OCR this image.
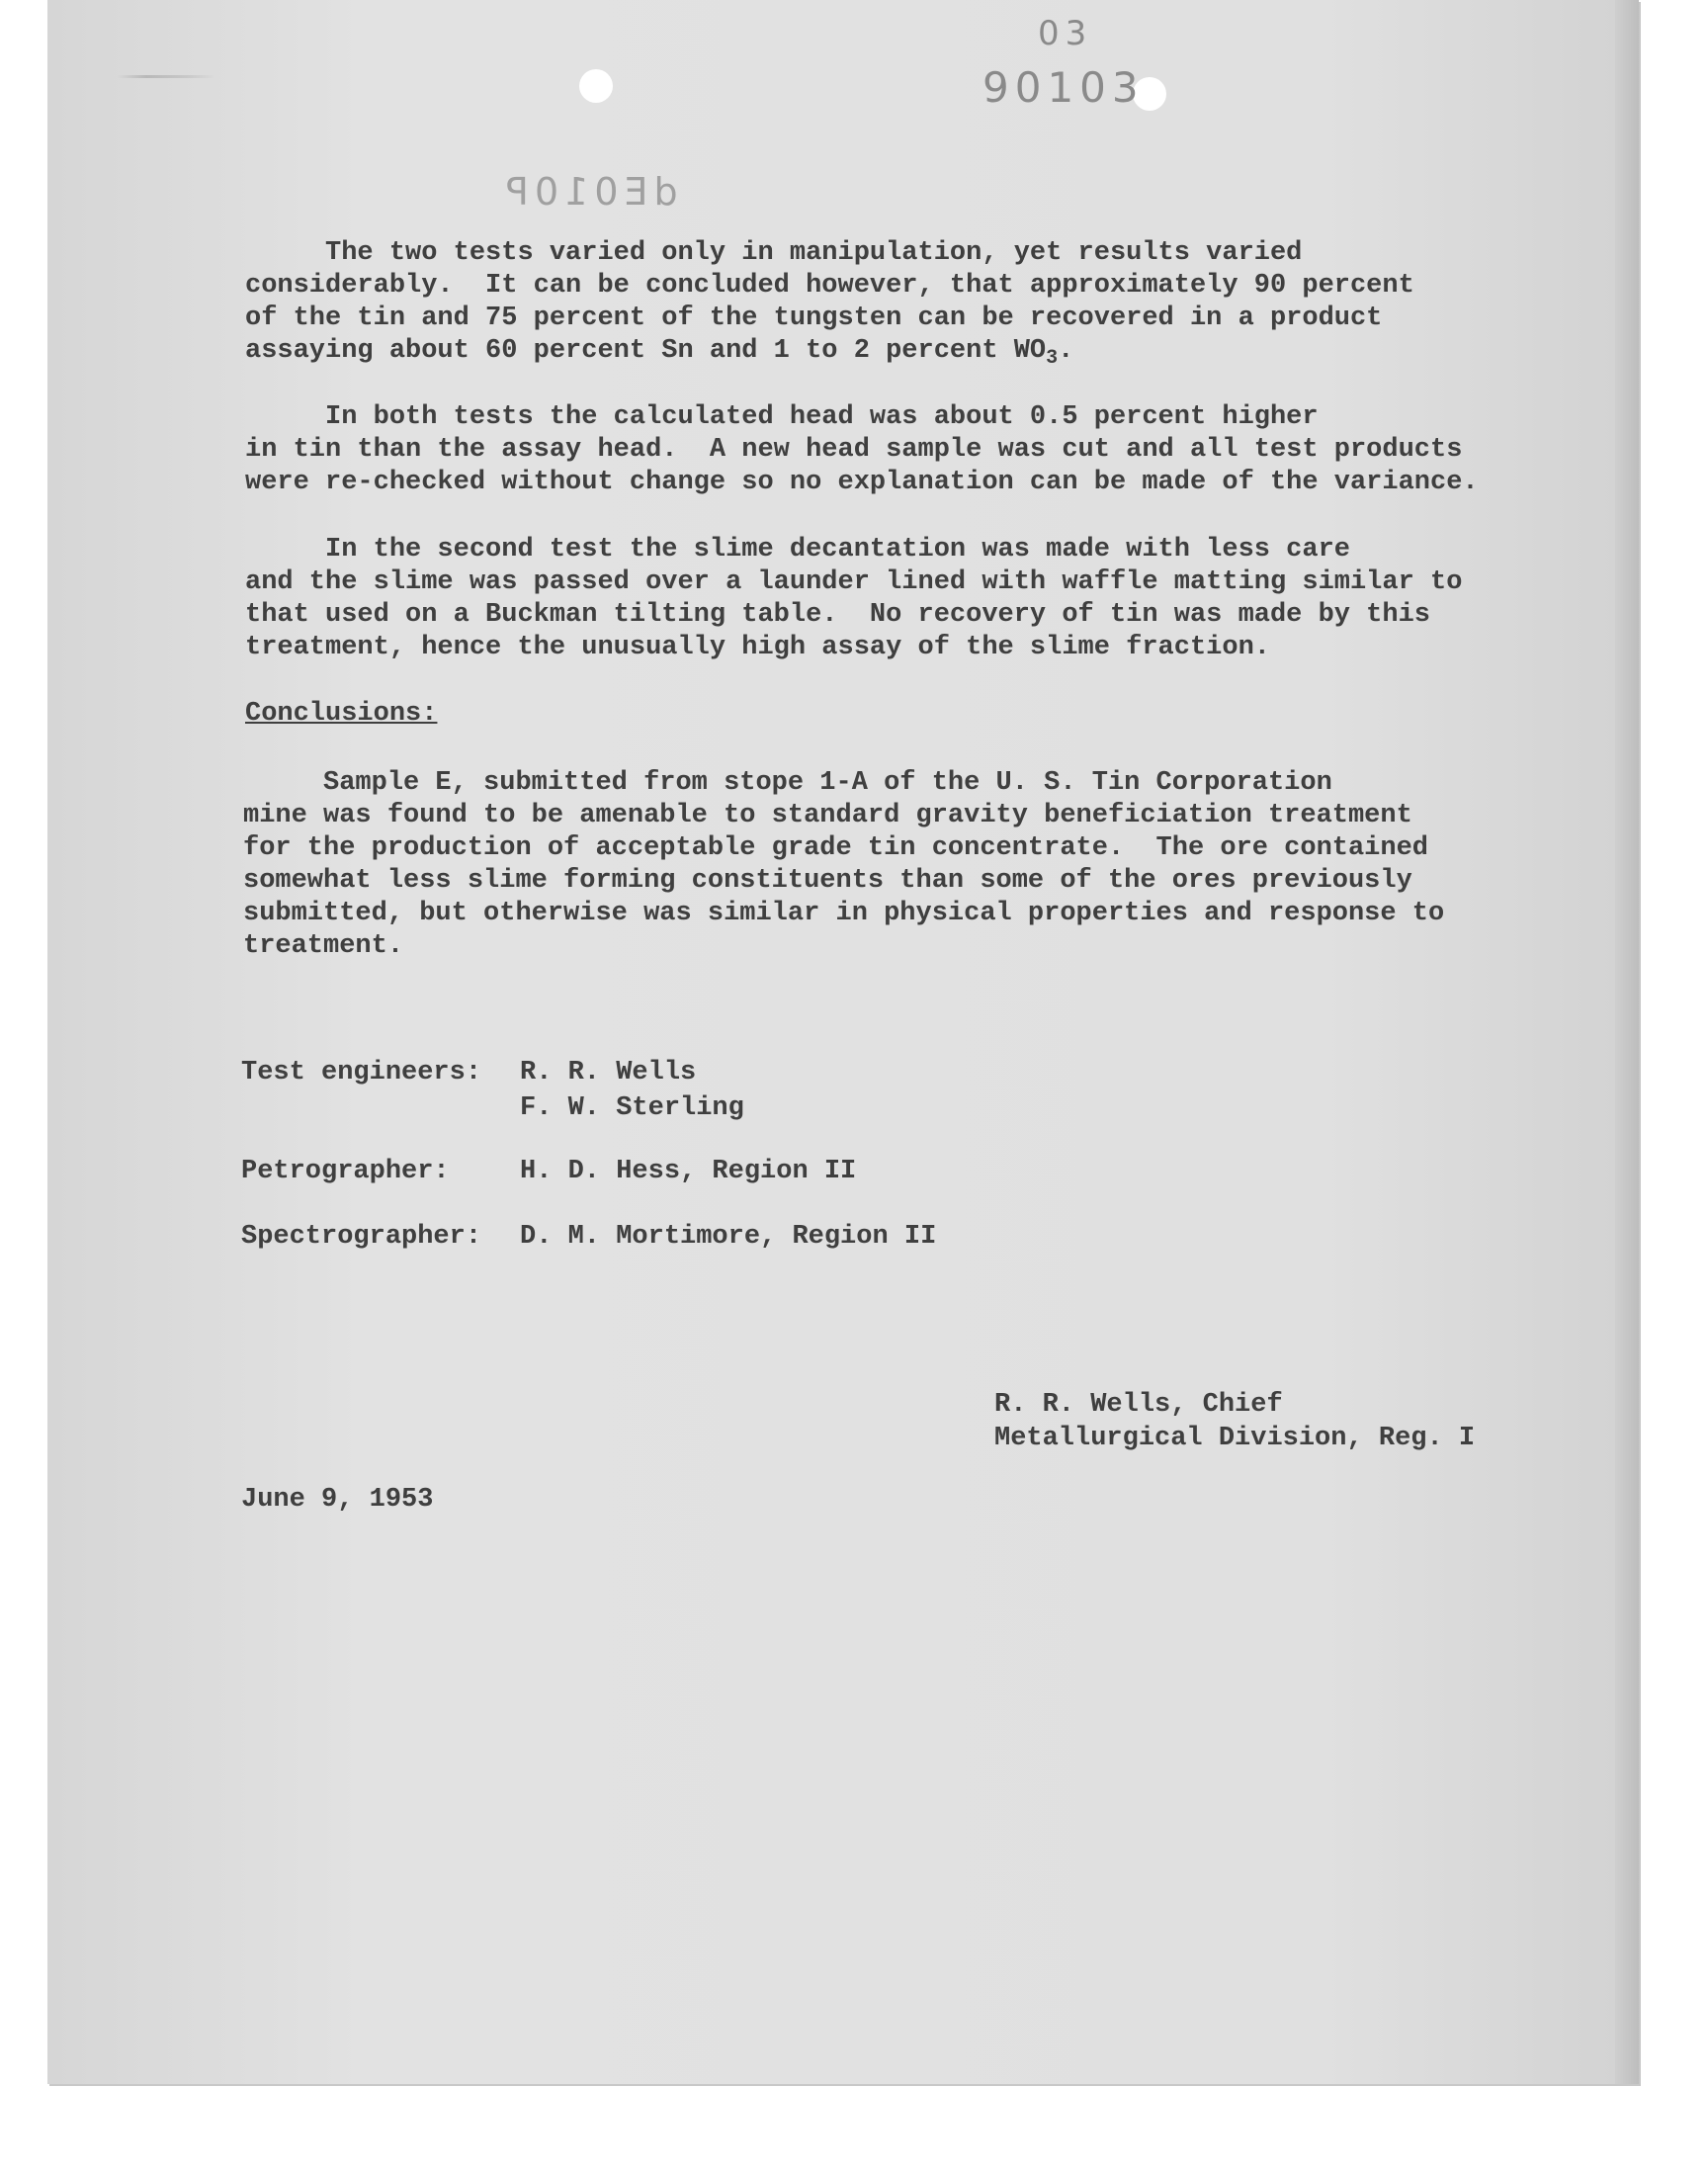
03
90103
dE010P

The two tests varied only in manipulation, yet results varied
considerably.  It can be concluded however, that approximately 90 percent
of the tin and 75 percent of the tungsten can be recovered in a product
assaying about 60 percent Sn and 1 to 2 percent $WO_3$.

In both tests the calculated head was about 0.5 percent higher
in tin than the assay head.  A new head sample was cut and all test products
were re-checked without change so no explanation can be made of the variance.

In the second test the slime decantation was made with less care
and the slime was passed over a launder lined with waffle matting similar to
that used on a Buckman tilting table.  No recovery of tin was made by this
treatment, hence the unusually high assay of the slime fraction.

Conclusions:

Sample E, submitted from stope 1-A of the U. S. Tin Corporation
mine was found to be amenable to standard gravity beneficiation treatment
for the production of acceptable grade tin concentrate.  The ore contained
somewhat less slime forming constituents than some of the ores previously
submitted, but otherwise was similar in physical properties and response to
treatment.

Test engineers: R. R. Wells
F. W. Sterling
Petrographer:	H. D. Hess, Region II
Spectrographer: D. M. Mortimore, Region II
R. R. Wells, Chief
Metallurgical Division, Reg. I
June 9, 1953
